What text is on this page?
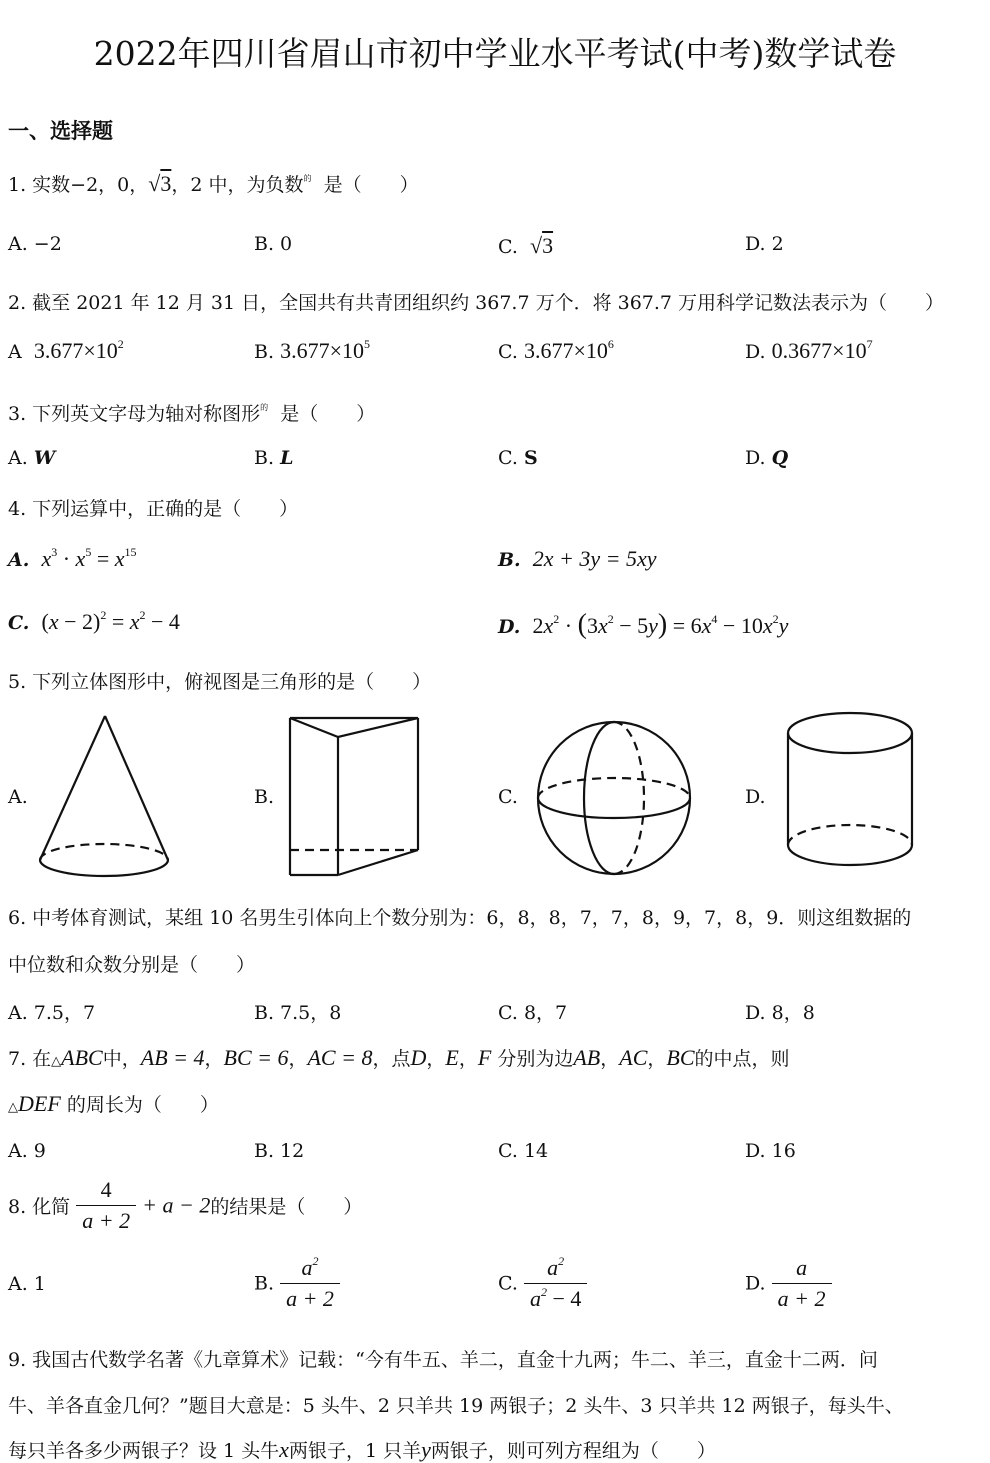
2022年四川省眉山市初中学业水平考试(中考)数学试卷
一、选择题
1. 实数−2，0，√3，2 中，为负数$^的$ 是（　　）
A. −2	B. 0	C. √3	D. 2
2. 截至 2021 年 12 月 31 日，全国共有共青团组织约 367.7 万个．将 367.7 万用科学记数法表示为（　　）
A $3.677\times 10^2$	B. $3.677\times 10^5$	C. $3.677\times 10^6$	D. $0.3677\times 10^7$
3. 下列英文字母为轴对称图形$^的$ 是（　　）
A. W	B. L	C. S	D. Q
4. 下列运算中，正确的是（　　）
A. $x^3 \cdot x^5 = x^{15}$	B. 2x + 3y = 5xy
C. $(x - 2)^2 = x^2 - 4$	D. $2x^2 \cdot (3x^2 - 5y) = 6x^4 - 10x^2y$
5. 下列立体图形中，俯视图是三角形的是（　　）
A.	B.	C.	D.
6. 中考体育测试，某组 10 名男生引体向上个数分别为：6，8，8，7，7，8，9，7，8，9．则这组数据的
中位数和众数分别是（　　）
A. 7.5，7	B. 7.5，8	C. 8，7	D. 8，8
7. 在△ABC中，AB = 4，BC = 6，AC = 8，点D，E，F 分别为边AB，AC，BC的中点，则
△DEF 的周长为（　　）
A. 9	B. 12	C. 14	D. 16
8. 化简 $\frac{4}{a + 2} + a - 2$的结果是（　　）
A. 1	B. $\frac{a^2}{a + 2}$	C. $\frac{a^2}{a^2 - 4}$	D. $\frac{a}{a + 2}$
9. 我国古代数学名著《九章算术》记载：“今有牛五、羊二，直金十九两；牛二、羊三，直金十二两．问
牛、羊各直金几何？”题目大意是：5 头牛、2 只羊共 19 两银子；2 头牛、3 只羊共 12 两银子，每头牛、
每只羊各多少两银子？设 1 头牛x两银子，1 只羊y两银子，则可列方程组为（　　）
